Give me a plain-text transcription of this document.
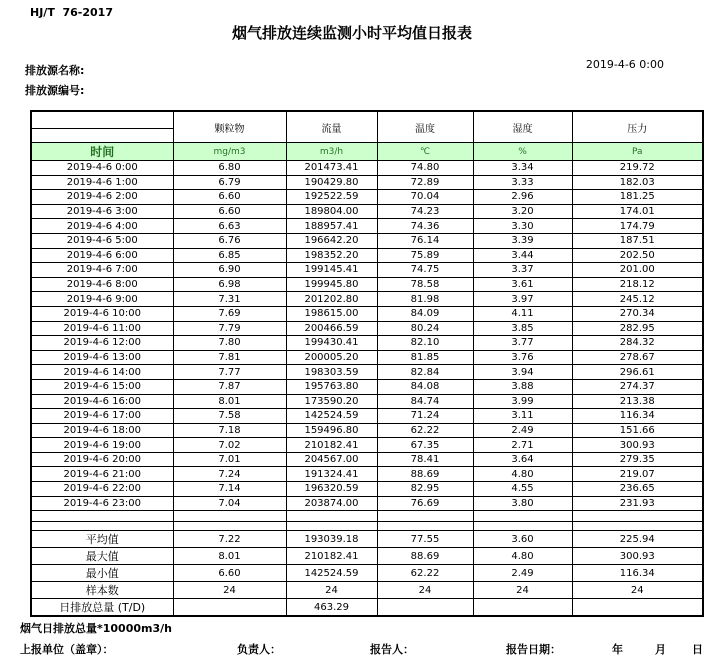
HJ/T  76-2017
烟气排放连续监测小时平均值日报表
排放源名称:
排放源编号:
2019-4-6 0:00
	颗粒物	流量	温度	湿度	压力

时间	mg/m3	m3/h	℃	%	Pa
2019-4-6 0:00	6.80	201473.41	74.80	3.34	219.72
2019-4-6 1:00	6.79	190429.80	72.89	3.33	182.03
2019-4-6 2:00	6.60	192522.59	70.04	2.96	181.25
2019-4-6 3:00	6.60	189804.00	74.23	3.20	174.01
2019-4-6 4:00	6.63	188957.41	74.36	3.30	174.79
2019-4-6 5:00	6.76	196642.20	76.14	3.39	187.51
2019-4-6 6:00	6.85	198352.20	75.89	3.44	202.50
2019-4-6 7:00	6.90	199145.41	74.75	3.37	201.00
2019-4-6 8:00	6.98	199945.80	78.58	3.61	218.12
2019-4-6 9:00	7.31	201202.80	81.98	3.97	245.12
2019-4-6 10:00	7.69	198615.00	84.09	4.11	270.34
2019-4-6 11:00	7.79	200466.59	80.24	3.85	282.95
2019-4-6 12:00	7.80	199430.41	82.10	3.77	284.32
2019-4-6 13:00	7.81	200005.20	81.85	3.76	278.67
2019-4-6 14:00	7.77	198303.59	82.84	3.94	296.61
2019-4-6 15:00	7.87	195763.80	84.08	3.88	274.37
2019-4-6 16:00	8.01	173590.20	84.74	3.99	213.38
2019-4-6 17:00	7.58	142524.59	71.24	3.11	116.34
2019-4-6 18:00	7.18	159496.80	62.22	2.49	151.66
2019-4-6 19:00	7.02	210182.41	67.35	2.71	300.93
2019-4-6 20:00	7.01	204567.00	78.41	3.64	279.35
2019-4-6 21:00	7.24	191324.41	88.69	4.80	219.07
2019-4-6 22:00	7.14	196320.59	82.95	4.55	236.65
2019-4-6 23:00	7.04	203874.00	76.69	3.80	231.93

平均值	7.22	193039.18	77.55	3.60	225.94
最大值	8.01	210182.41	88.69	4.80	300.93
最小值	6.60	142524.59	62.22	2.49	116.34
样本数	24	24	24	24	24
日排放总量 (T/D)		463.29			
烟气日排放总量*10000m3/h
上报单位（盖章）：	负责人：	报告人：	报告日期：	年	月 日
